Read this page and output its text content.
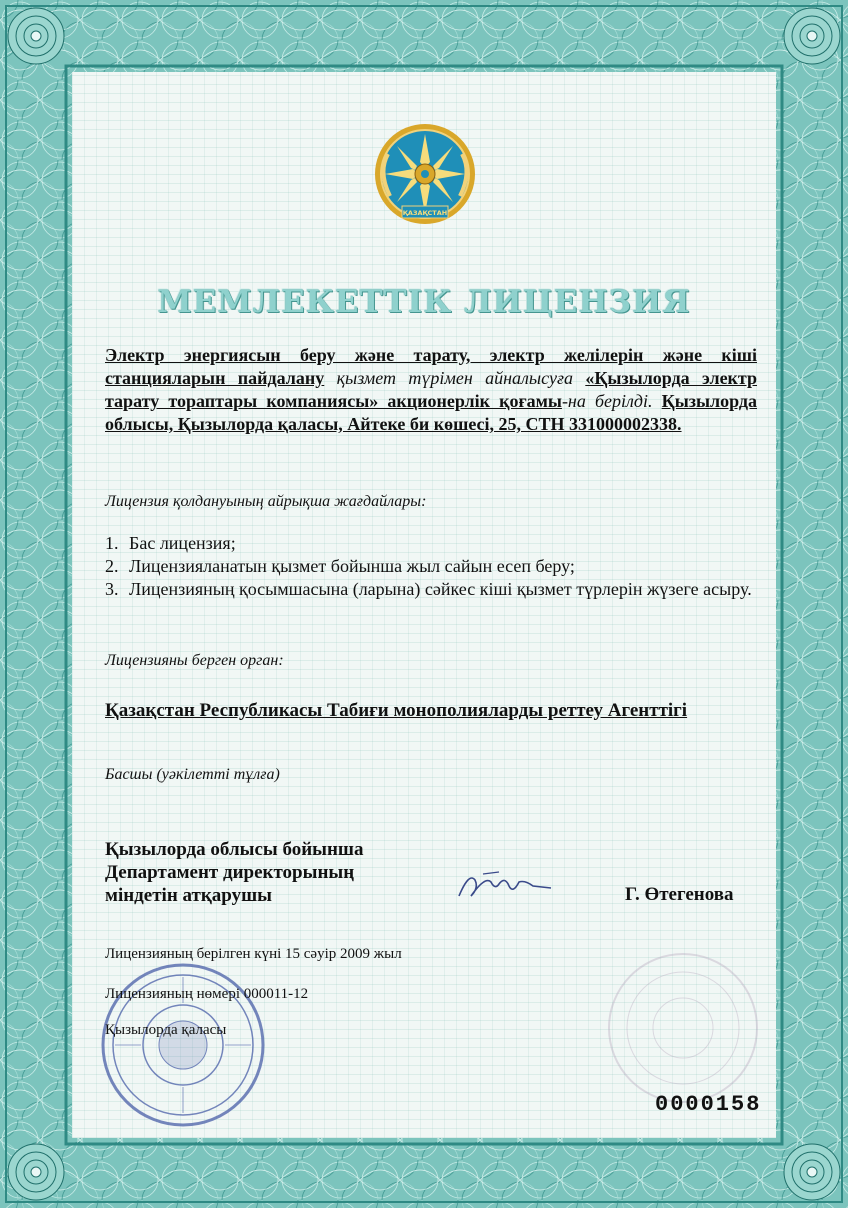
ҚАЗАҚСТАН
МЕМЛЕКЕТТІК ЛИЦЕНЗИЯ
Электр энергиясын беру және тарату, электр желілерін және кіші станцияларын пайдалану қызмет түрімен айналысуға «Қызылорда электр тарату тораптары компаниясы» акционерлік қоғамы-на берілді. Қызылорда облысы, Қызылорда қаласы, Айтеке би көшесі, 25, СТН 331000002338.
Лицензия қолдануының айрықша жағдайлары:
1. Бас лицензия;
2. Лицензияланатын қызмет бойынша жыл сайын есеп беру;
3. Лицензияның қосымшасына (ларына) сәйкес кіші қызмет түрлерін жүзеге асыру.
Лицензияны берген орган:
Қазақстан Республикасы Табиғи монополияларды реттеу Агенттігі
Басшы (уәкілетті тұлға)
Қызылорда облысы бойынша
Департамент директорының
міндетін атқарушы	Г. Өтегенова
Лицензияның берілген күні 15 сәуір 2009 жыл
Лицензияның нөмері 000011-12
Қызылорда қаласы
0000158
